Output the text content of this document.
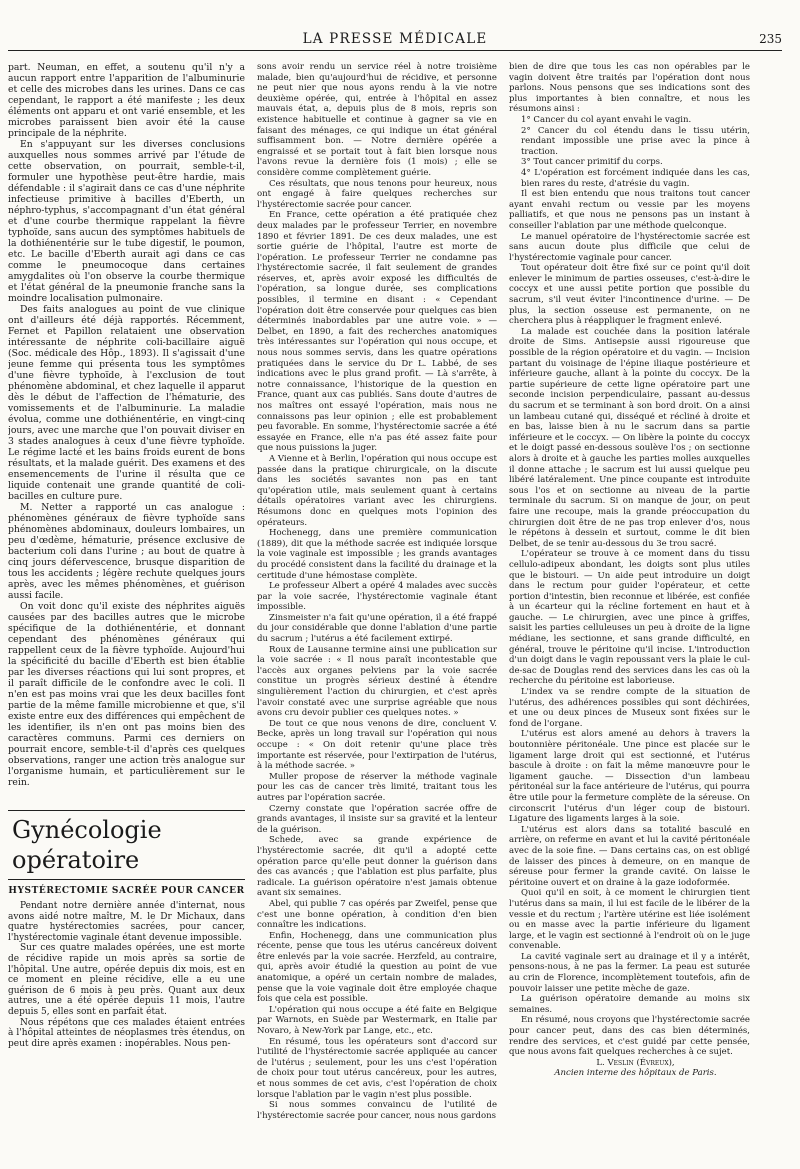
LA PRESSE MÉDICALE	235

part. Neuman, en effet, a soutenu qu'il n'y a aucun rapport entre l'apparition de l'albuminurie et celle des microbes dans les urines. Dans ce cas cependant, le rapport a été manifeste ; les deux éléments ont apparu et ont varié ensemble, et les microbes paraissent bien avoir été la cause principale de la néphrite.

En s'appuyant sur les diverses conclusions auxquelles nous sommes arrivé par l'étude de cette observation, on pourrait, semble-t-il, formuler une hypothèse peut-être hardie, mais défendable : il s'agirait dans ce cas d'une néphrite infectieuse primitive à bacilles d'Eberth, un néphro-typhus, s'accompagnant d'un état général et d'une courbe thermique rappelant la fièvre typhoïde, sans aucun des symptômes habituels de la dothiénentérie sur le tube digestif, le poumon, etc. Le bacille d'Eberth aurait agi dans ce cas comme le pneumocoque dans certaines amygdalites où l'on observe la courbe thermique et l'état général de la pneumonie franche sans la moindre localisation pulmonaire.

Des faits analogues au point de vue clinique ont d'ailleurs été déjà rapportés. Récemment, Fernet et Papillon relataient une observation intéressante de néphrite coli-bacillaire aiguë (Soc. médicale des Hôp., 1893). Il s'agissait d'une jeune femme qui présenta tous les symptômes d'une fièvre typhoïde, à l'exclusion de tout phénomène abdominal, et chez laquelle il apparut dès le début de l'affection de l'hématurie, des vomissements et de l'albuminurie. La maladie évolua, comme une dothiénentérie, en vingt-cinq jours, avec une marche que l'on pouvait diviser en 3 stades analogues à ceux d'une fièvre typhoïde. Le régime lacté et les bains froids eurent de bons résultats, et la malade guérit. Des examens et des ensemencements de l'urine il résulta que ce liquide contenait une grande quantité de coli-bacilles en culture pure.

M. Netter a rapporté un cas analogue : phénomènes généraux de fièvre typhoïde sans phénomènes abdominaux, douleurs lombaires, un peu d'œdème, hématurie, présence exclusive de bacterium coli dans l'urine ; au bout de quatre à cinq jours défervescence, brusque disparition de tous les accidents ; légère rechute quelques jours après, avec les mêmes phénomènes, et guérison aussi facile.

On voit donc qu'il existe des néphrites aiguës causées par des bacilles autres que le microbe spécifique de la dothiénentérie, et donnant cependant des phénomènes généraux qui rappellent ceux de la fièvre typhoïde. Aujourd'hui la spécificité du bacille d'Eberth est bien établie par les diverses réactions qui lui sont propres, et il paraît difficile de le confondre avec le coli. Il n'en est pas moins vrai que les deux bacilles font partie de la même famille microbienne et que, s'il existe entre eux des différences qui empêchent de les identifier, ils n'en ont pas moins bien des caractères communs. Parmi ces derniers on pourrait encore, semble-t-il d'après ces quelques observations, ranger une action très analogue sur l'organisme humain, et particulièrement sur le rein.

Gynécologie opératoire
HYSTÉRECTOMIE SACRÉE POUR CANCER

Pendant notre dernière année d'internat, nous avons aidé notre maître, M. le Dr Michaux, dans quatre hystérectomies sacrées, pour cancer, l'hystérectomie vaginale étant devenue impossible.

Sur ces quatre malades opérées, une est morte de récidive rapide un mois après sa sortie de l'hôpital. Une autre, opérée depuis dix mois, est en ce moment en pleine récidive, elle a eu une guérison de 6 mois à peu près. Quant aux deux autres, une a été opérée depuis 11 mois, l'autre depuis 5, elles sont en parfait état.

Nous répétons que ces malades étaient entrées à l'hôpital atteintes de néoplasmes très étendus, on peut dire après examen : inopérables. Nous pen-

sons avoir rendu un service réel à notre troisième malade, bien qu'aujourd'hui de récidive, et personne ne peut nier que nous ayons rendu à la vie notre deuxième opérée, qui, entrée à l'hôpital en assez mauvais état, a, depuis plus de 8 mois, repris son existence habituelle et continue à gagner sa vie en faisant des ménages, ce qui indique un état général suffisamment bon. — Notre dernière opérée a engraissé et se portait tout à fait bien lorsque nous l'avons revue la dernière fois (1 mois) ; elle se considère comme complètement guérie.

Ces résultats, que nous tenons pour heureux, nous ont engagé à faire quelques recherches sur l'hystérectomie sacrée pour cancer.

En France, cette opération a été pratiquée chez deux malades par le professeur Terrier, en novembre 1890 et février 1891. De ces deux malades, une est sortie guérie de l'hôpital, l'autre est morte de l'opération. Le professeur Terrier ne condamne pas l'hystérectomie sacrée, il fait seulement de grandes réserves, et, après avoir exposé les difficultés de l'opération, sa longue durée, ses complications possibles, il termine en disant : « Cependant l'opération doit être conservée pour quelques cas bien déterminés inabordables par une autre voie. » — Delbet, en 1890, a fait des recherches anatomiques très intéressantes sur l'opération qui nous occupe, et nous nous sommes servis, dans les quatre opérations pratiquées dans le service du Dr L. Labbé, de ses indications avec le plus grand profit. — Là s'arrête, à notre connaissance, l'historique de la question en France, quant aux cas publiés. Sans doute d'autres de nos maîtres ont essayé l'opération, mais nous ne connaissons pas leur opinion ; elle est probablement peu favorable. En somme, l'hystérectomie sacrée a été essayée en France, elle n'a pas été assez faite pour que nous puissions la juger.

A Vienne et à Berlin, l'opération qui nous occupe est passée dans la pratique chirurgicale, on la discute dans les sociétés savantes non pas en tant qu'opération utile, mais seulement quant à certains détails opératoires variant avec les chirurgiens. Résumons donc en quelques mots l'opinion des opérateurs.

Hochenegg, dans une première communication (1889), dit que la méthode sacrée est indiquée lorsque la voie vaginale est impossible ; les grands avantages du procédé consistent dans la facilité du drainage et la certitude d'une hémostase complète.

Le professeur Albert a opéré 4 malades avec succès par la voie sacrée, l'hystérectomie vaginale étant impossible.

Zinsmeister n'a fait qu'une opération, il a été frappé du jour considérable que donne l'ablation d'une partie du sacrum ; l'utérus a été facilement extirpé.

Roux de Lausanne termine ainsi une publication sur la voie sacrée : « Il nous paraît incontestable que l'accès aux organes pelviens par la voie sacrée constitue un progrès sérieux destiné à étendre singulièrement l'action du chirurgien, et c'est après l'avoir constaté avec une surprise agréable que nous avons cru devoir publier ces quelques notes. »

De tout ce que nous venons de dire, concluent V. Becke, après un long travail sur l'opération qui nous occupe : « On doit retenir qu'une place très importante est réservée, pour l'extirpation de l'utérus, à la méthode sacrée. »

Muller propose de réserver la méthode vaginale pour les cas de cancer très limité, traitant tous les autres par l'opération sacrée.

Czerny constate que l'opération sacrée offre de grands avantages, il insiste sur sa gravité et la lenteur de la guérison.

Schede, avec sa grande expérience de l'hystérectomie sacrée, dit qu'il a adopté cette opération parce qu'elle peut donner la guérison dans des cas avancés ; que l'ablation est plus parfaite, plus radicale. La guérison opératoire n'est jamais obtenue avant six semaines.

Abel, qui publie 7 cas opérés par Zweifel, pense que c'est une bonne opération, à condition d'en bien connaître les indications.

Enfin, Hochenegg, dans une communication plus récente, pense que tous les utérus cancéreux doivent être enlevés par la voie sacrée. Herzfeld, au contraire, qui, après avoir étudié la question au point de vue anatomique, a opéré un certain nombre de malades, pense que la voie vaginale doit être employée chaque fois que cela est possible.

L'opération qui nous occupe a été faite en Belgique par Warnots, en Suède par Westermark, en Italie par Novaro, à New-York par Lange, etc., etc.

En résumé, tous les opérateurs sont d'accord sur l'utilité de l'hystérectomie sacrée appliquée au cancer de l'utérus ; seulement, pour les uns c'est l'opération de choix pour tout utérus cancéreux, pour les autres, et nous sommes de cet avis, c'est l'opération de choix lorsque l'ablation par le vagin n'est plus possible.

Si nous sommes convaincu de l'utilité de l'hystérectomie sacrée pour cancer, nous nous gardons

bien de dire que tous les cas non opérables par le vagin doivent être traités par l'opération dont nous parlons. Nous pensons que ses indications sont des plus importantes à bien connaître, et nous les résumons ainsi :

1° Cancer du col ayant envahi le vagin.

2° Cancer du col étendu dans le tissu utérin, rendant impossible une prise avec la pince à traction.

3° Tout cancer primitif du corps.

4° L'opération est forcément indiquée dans les cas, bien rares du reste, d'atrésie du vagin.

Il est bien entendu que nous traitons tout cancer ayant envahi rectum ou vessie par les moyens palliatifs, et que nous ne pensons pas un instant à conseiller l'ablation par une méthode quelconque.

Le manuel opératoire de l'hystérectomie sacrée est sans aucun doute plus difficile que celui de l'hystérectomie vaginale pour cancer.

Tout opérateur doit être fixé sur ce point qu'il doit enlever le minimum de parties osseuses, c'est-à-dire le coccyx et une aussi petite portion que possible du sacrum, s'il veut éviter l'incontinence d'urine. — De plus, la section osseuse est permanente, on ne cherchera plus à réappliquer le fragment enlevé.

La malade est couchée dans la position latérale droite de Sims. Antisepsie aussi rigoureuse que possible de la région opératoire et du vagin. — Incision partant du voisinage de l'épine iliaque postérieure et inférieure gauche, allant à la pointe du coccyx. De la partie supérieure de cette ligne opératoire part une seconde incision perpendiculaire, passant au-dessus du sacrum et se terminant à son bord droit. On a ainsi un lambeau cutané qui, disséqué et récliné à droite et en bas, laisse bien à nu le sacrum dans sa partie inférieure et le coccyx. — On libère la pointe du coccyx et le doigt passé en-dessous soulève l'os ; on sectionne alors à droite et à gauche les parties molles auxquelles il donne attache ; le sacrum est lui aussi quelque peu libéré latéralement. Une pince coupante est introduite sous l'os et on sectionne au niveau de la partie terminale du sacrum. Si on manque de jour, on peut faire une recoupe, mais la grande préoccupation du chirurgien doit être de ne pas trop enlever d'os, nous le répétons à dessein et surtout, comme le dit bien Delbet, de se tenir au-dessous du 3e trou sacré.

L'opérateur se trouve à ce moment dans du tissu cellulo-adipeux abondant, les doigts sont plus utiles que le bistouri. — Un aide peut introduire un doigt dans le rectum pour guider l'opérateur, et cette portion d'intestin, bien reconnue et libérée, est confiée à un écarteur qui la récline fortement en haut et à gauche. — Le chirurgien, avec une pince à griffes, saisit les parties celluleuses un peu à droite de la ligne médiane, les sectionne, et sans grande difficulté, en général, trouve le péritoine qu'il incise. L'introduction d'un doigt dans le vagin repoussant vers la plaie le cul-de-sac de Douglas rend des services dans les cas où la recherche du péritoine est laborieuse.

L'index va se rendre compte de la situation de l'utérus, des adhérences possibles qui sont déchirées, et une ou deux pinces de Museux sont fixées sur le fond de l'organe.

L'utérus est alors amené au dehors à travers la boutonnière péritonéale. Une pince est placée sur le ligament large droit qui est sectionné, et l'utérus bascule à droite : on fait la même manœuvre pour le ligament gauche. — Dissection d'un lambeau péritonéal sur la face antérieure de l'utérus, qui pourra être utile pour la fermeture complète de la séreuse. On circonscrit l'utérus d'un léger coup de bistouri. Ligature des ligaments larges à la soie.

L'utérus est alors dans sa totalité basculé en arrière, on referme en avant et lui la cavité péritonéale avec de la soie fine. — Dans certains cas, on est obligé de laisser des pinces à demeure, on en manque de séreuse pour fermer la grande cavité. On laisse le péritoine ouvert et on draine à la gaze iodoformée.

Quoi qu'il en soit, à ce moment le chirurgien tient l'utérus dans sa main, il lui est facile de le libérer de la vessie et du rectum ; l'artère utérine est liée isolément ou en masse avec la partie inférieure du ligament large, et le vagin est sectionné à l'endroit où on le juge convenable.

La cavité vaginale sert au drainage et il y a intérêt, pensons-nous, à ne pas la fermer. La peau est suturée au crin de Florence, incomplètement toutefois, afin de pouvoir laisser une petite mèche de gaze.

La guérison opératoire demande au moins six semaines.

En résumé, nous croyons que l'hystérectomie sacrée pour cancer peut, dans des cas bien déterminés, rendre des services, et c'est guidé par cette pensée, que nous avons fait quelques recherches à ce sujet.

L. Veslin (Évreux),

Ancien interne des hôpitaux de Paris.
